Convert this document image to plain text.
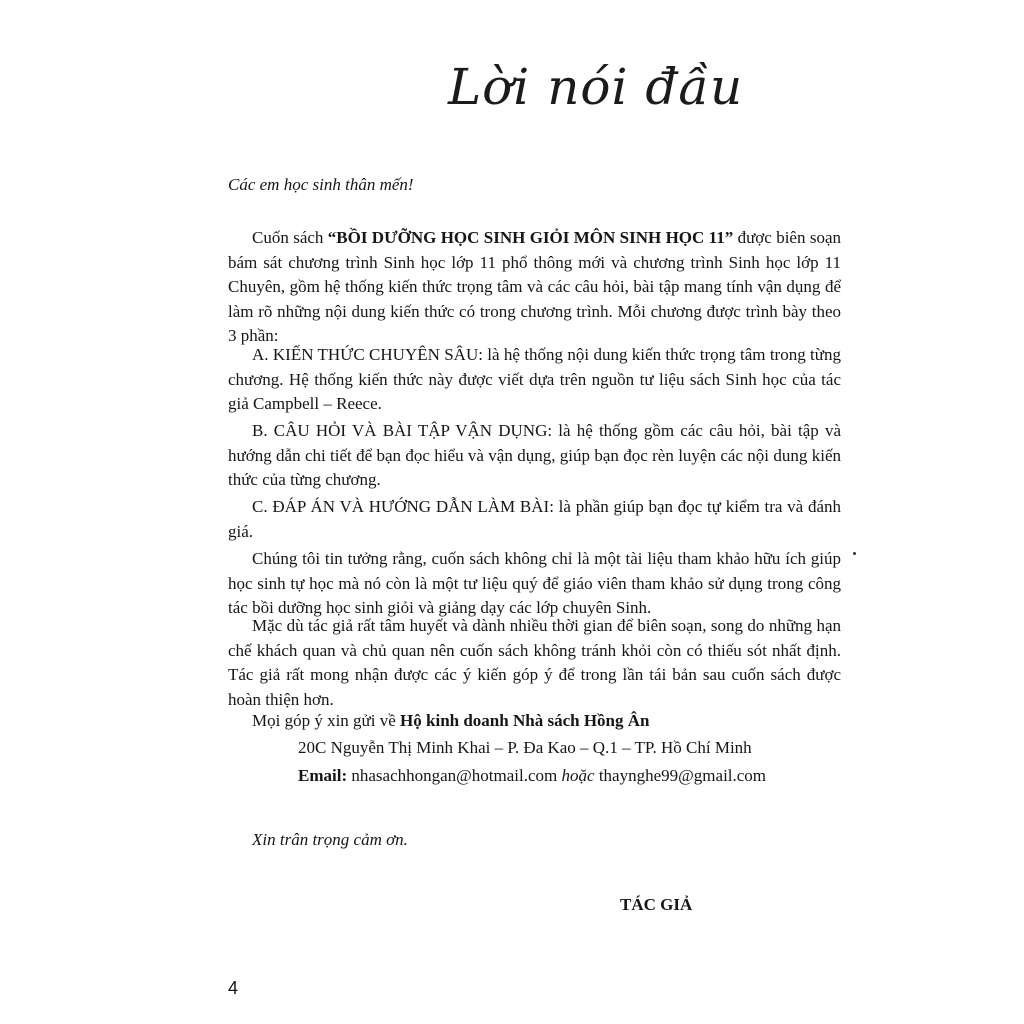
Lời nói đầu
Các em học sinh thân mến!
Cuốn sách “BỒI DƯỠNG HỌC SINH GIỎI MÔN SINH HỌC 11” được biên soạn bám sát chương trình Sinh học lớp 11 phổ thông mới và chương trình Sinh học lớp 11 Chuyên, gồm hệ thống kiến thức trọng tâm và các câu hỏi, bài tập mang tính vận dụng để làm rõ những nội dung kiến thức có trong chương trình. Mỗi chương được trình bày theo 3 phần:
A. KIẾN THỨC CHUYÊN SÂU: là hệ thống nội dung kiến thức trọng tâm trong từng chương. Hệ thống kiến thức này được viết dựa trên nguồn tư liệu sách Sinh học của tác giả Campbell – Reece.
B. CÂU HỎI VÀ BÀI TẬP VẬN DỤNG: là hệ thống gồm các câu hỏi, bài tập và hướng dẫn chi tiết để bạn đọc hiểu và vận dụng, giúp bạn đọc rèn luyện các nội dung kiến thức của từng chương.
C. ĐÁP ÁN VÀ HƯỚNG DẪN LÀM BÀI: là phần giúp bạn đọc tự kiểm tra và đánh giá.
Chúng tôi tin tưởng rằng, cuốn sách không chỉ là một tài liệu tham khảo hữu ích giúp học sinh tự học mà nó còn là một tư liệu quý để giáo viên tham khảo sử dụng trong công tác bồi dưỡng học sinh giỏi và giảng dạy các lớp chuyên Sinh.
Mặc dù tác giả rất tâm huyết và dành nhiều thời gian để biên soạn, song do những hạn chế khách quan và chủ quan nên cuốn sách không tránh khỏi còn có thiếu sót nhất định. Tác giả rất mong nhận được các ý kiến góp ý để trong lần tái bản sau cuốn sách được hoàn thiện hơn.
Mọi góp ý xin gửi về Hộ kinh doanh Nhà sách Hồng Ân
20C Nguyễn Thị Minh Khai – P. Đa Kao – Q.1 – TP. Hồ Chí Minh
Email: nhasachhongan@hotmail.com hoặc thaynghe99@gmail.com
Xin trân trọng cảm ơn.
TÁC GIẢ
4
